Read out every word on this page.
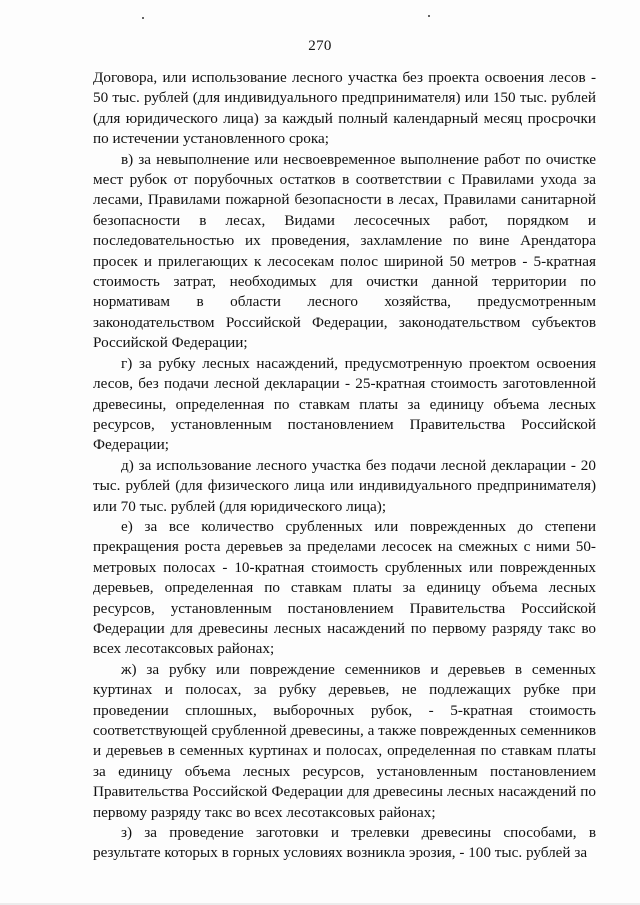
270

Договора, или использование лесного участка без проекта освоения лесов - 50 тыс. рублей (для индивидуального предпринимателя) или 150 тыс. рублей (для юридического лица) за каждый полный календарный месяц просрочки по истечении установленного срока;

в) за невыполнение или несвоевременное выполнение работ по очистке мест рубок от порубочных остатков в соответствии с Правилами ухода за лесами, Правилами пожарной безопасности в лесах, Правилами санитарной безопасности в лесах, Видами лесосечных работ, порядком и последовательностью их проведения, захламление по вине Арендатора просек и прилегающих к лесосекам полос шириной 50 метров - 5-кратная стоимость затрат, необходимых для очистки данной территории по нормативам в области лесного хозяйства, предусмотренным законодательством Российской Федерации, законодательством субъектов Российской Федерации;

г) за рубку лесных насаждений, предусмотренную проектом освоения лесов, без подачи лесной декларации - 25-кратная стоимость заготовленной древесины, определенная по ставкам платы за единицу объема лесных ресурсов, установленным постановлением Правительства Российской Федерации;

д) за использование лесного участка без подачи лесной декларации - 20 тыс. рублей (для физического лица или индивидуального предпринимателя) или 70 тыс. рублей (для юридического лица);

е) за все количество срубленных или поврежденных до степени прекращения роста деревьев за пределами лесосек на смежных с ними 50-метровых полосах - 10-кратная стоимость срубленных или поврежденных деревьев, определенная по ставкам платы за единицу объема лесных ресурсов, установленным постановлением Правительства Российской Федерации для древесины лесных насаждений по первому разряду такс во всех лесотаксовых районах;

ж) за рубку или повреждение семенников и деревьев в семенных куртинах и полосах, за рубку деревьев, не подлежащих рубке при проведении сплошных, выборочных рубок, - 5-кратная стоимость соответствующей срубленной древесины, а также поврежденных семенников и деревьев в семенных куртинах и полосах, определенная по ставкам платы за единицу объема лесных ресурсов, установленным постановлением Правительства Российской Федерации для древесины лесных насаждений по первому разряду такс во всех лесотаксовых районах;

з) за проведение заготовки и трелевки древесины способами, в результате которых в горных условиях возникла эрозия, - 100 тыс. рублей за
